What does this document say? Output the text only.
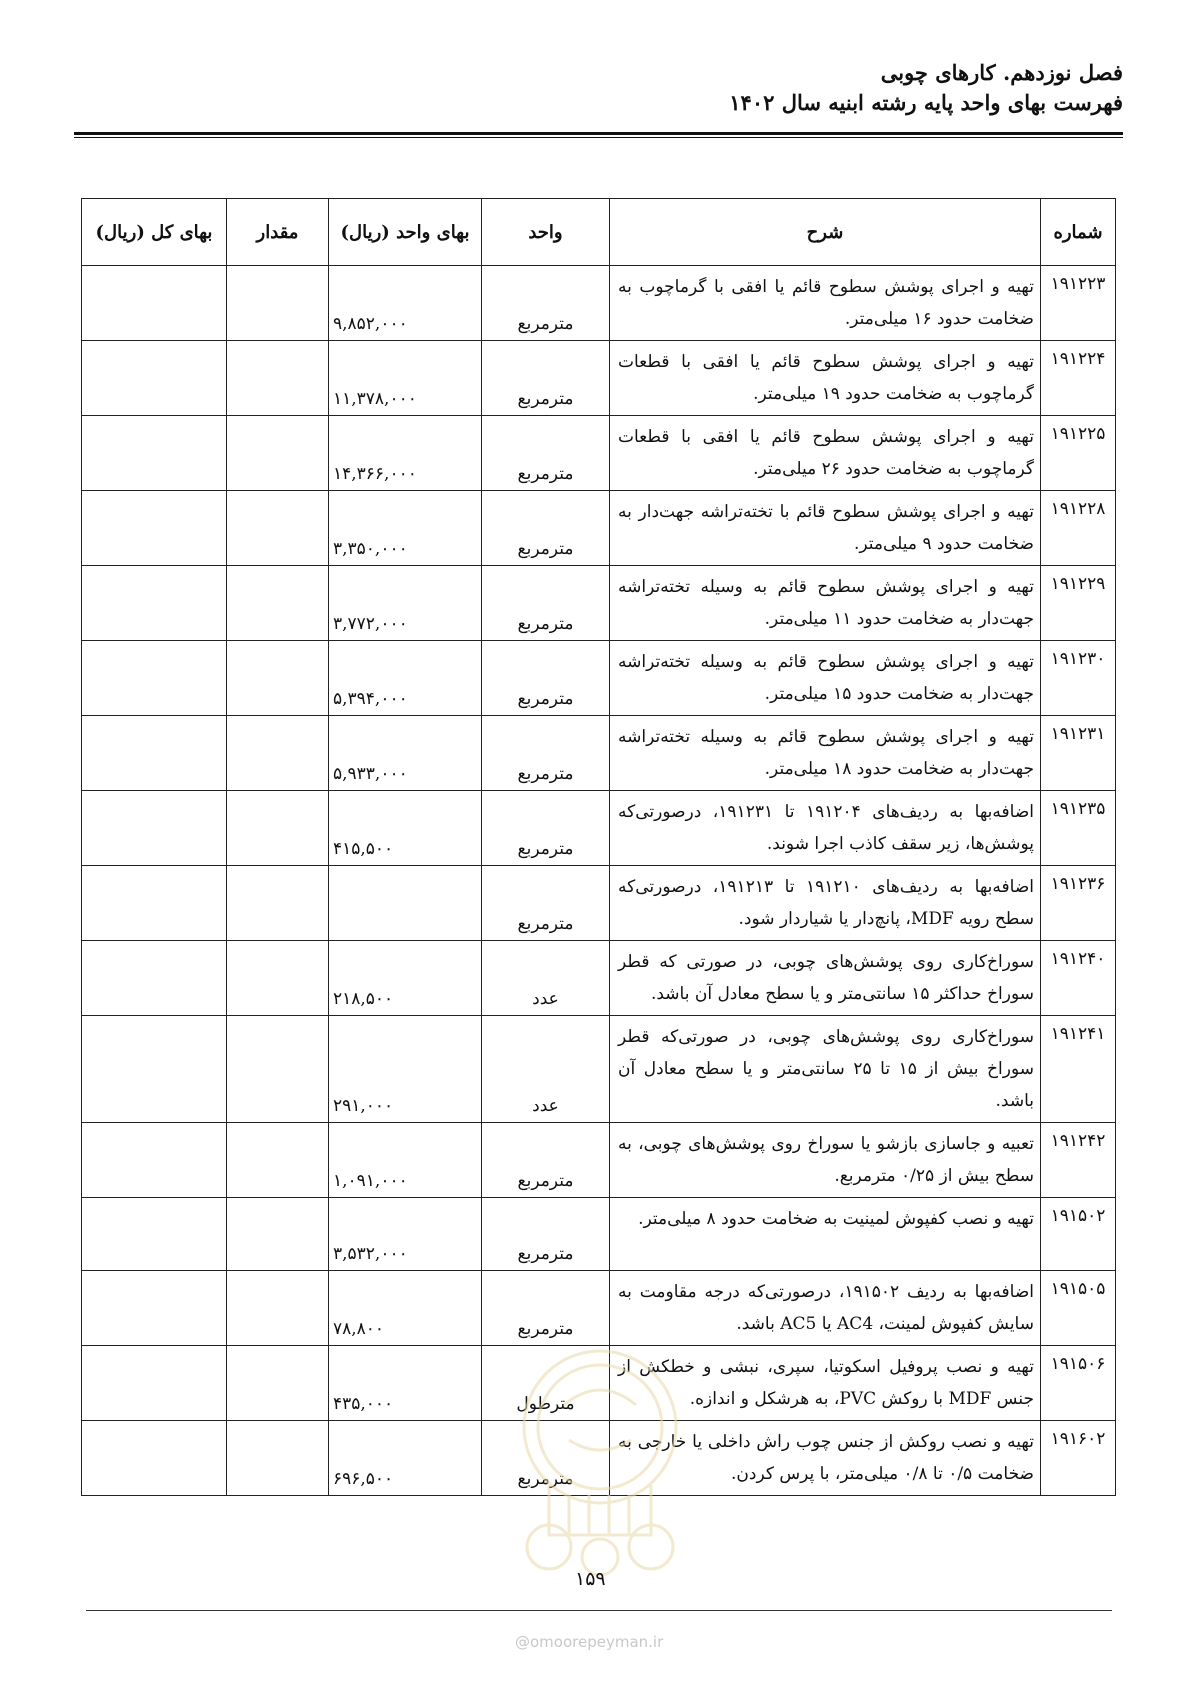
فصل نوزدهم. کارهای چوبی
فهرست بهای واحد پایه رشته ابنیه سال ۱۴۰۲
شماره	شرح	واحد	بهای واحد (ریال)	مقدار	بهای کل (ریال)
۱۹۱۲۲۳	تهیه و اجرای پوشش سطوح قائم یا افقی با گرماچوب به ضخامت حدود ۱۶ میلی‌متر.	مترمربع	۹,۸۵۲,۰۰۰		
۱۹۱۲۲۴	تهیه و اجرای پوشش سطوح قائم یا افقی با قطعات گرماچوب به ضخامت حدود ۱۹ میلی‌متر.	مترمربع	۱۱,۳۷۸,۰۰۰		
۱۹۱۲۲۵	تهیه و اجرای پوشش سطوح قائم یا افقی با قطعات گرماچوب به ضخامت حدود ۲۶ میلی‌متر.	مترمربع	۱۴,۳۶۶,۰۰۰		
۱۹۱۲۲۸	تهیه و اجرای پوشش سطوح قائم با تخته‌تراشه جهت‌دار به ضخامت حدود ۹ میلی‌متر.	مترمربع	۳,۳۵۰,۰۰۰		
۱۹۱۲۲۹	تهیه و اجرای پوشش سطوح قائم به وسیله تخته‌تراشه جهت‌دار به ضخامت حدود ۱۱ میلی‌متر.	مترمربع	۳,۷۷۲,۰۰۰		
۱۹۱۲۳۰	تهیه و اجرای پوشش سطوح قائم به وسیله تخته‌تراشه جهت‌دار به ضخامت حدود ۱۵ میلی‌متر.	مترمربع	۵,۳۹۴,۰۰۰		
۱۹۱۲۳۱	تهیه و اجرای پوشش سطوح قائم به وسیله تخته‌تراشه جهت‌دار به ضخامت حدود ۱۸ میلی‌متر.	مترمربع	۵,۹۳۳,۰۰۰		
۱۹۱۲۳۵	اضافه‌بها به ردیف‌های ۱۹۱۲۰۴ تا ۱۹۱۲۳۱، درصورتی‌که پوشش‌ها، زیر سقف کاذب اجرا شوند.	مترمربع	۴۱۵,۵۰۰		
۱۹۱۲۳۶	اضافه‌بها به ردیف‌های ۱۹۱۲۱۰ تا ۱۹۱۲۱۳، درصورتی‌که سطح رویه MDF، پانچ‌دار یا شیاردار شود.	مترمربع			
۱۹۱۲۴۰	سوراخ‌کاری روی پوشش‌های چوبی، در صورتی که قطر سوراخ حداکثر ۱۵ سانتی‌متر و یا سطح معادل آن باشد.	عدد	۲۱۸,۵۰۰		
۱۹۱۲۴۱	سوراخ‌کاری روی پوشش‌های چوبی، در صورتی‌که قطر سوراخ بیش از ۱۵ تا ۲۵ سانتی‌متر و یا سطح معادل آن باشد.	عدد	۲۹۱,۰۰۰		
۱۹۱۲۴۲	تعبیه و جاسازی بازشو یا سوراخ روی پوشش‌های چوبی، به سطح بیش از ۰/۲۵ مترمربع.	مترمربع	۱,۰۹۱,۰۰۰		
۱۹۱۵۰۲	تهیه و نصب کفپوش لمینیت به ضخامت حدود ۸ میلی‌متر.	مترمربع	۳,۵۳۲,۰۰۰		
۱۹۱۵۰۵	اضافه‌بها به ردیف ۱۹۱۵۰۲، درصورتی‌که درجه مقاومت به سایش کفپوش لمینت، AC4 یا AC5 باشد.	مترمربع	۷۸,۸۰۰		
۱۹۱۵۰۶	تهیه و نصب پروفیل اسکوتیا، سپری، نبشی و خطکش از جنس MDF با روکش PVC، به هرشکل و اندازه.	مترطول	۴۳۵,۰۰۰		
۱۹۱۶۰۲	تهیه و نصب روکش از جنس چوب راش داخلی یا خارجی به ضخامت ۰/۵ تا ۰/۸ میلی‌متر، با پرس کردن.	مترمربع	۶۹۶,۵۰۰		
۱۵۹
@omoorepeyman.ir
